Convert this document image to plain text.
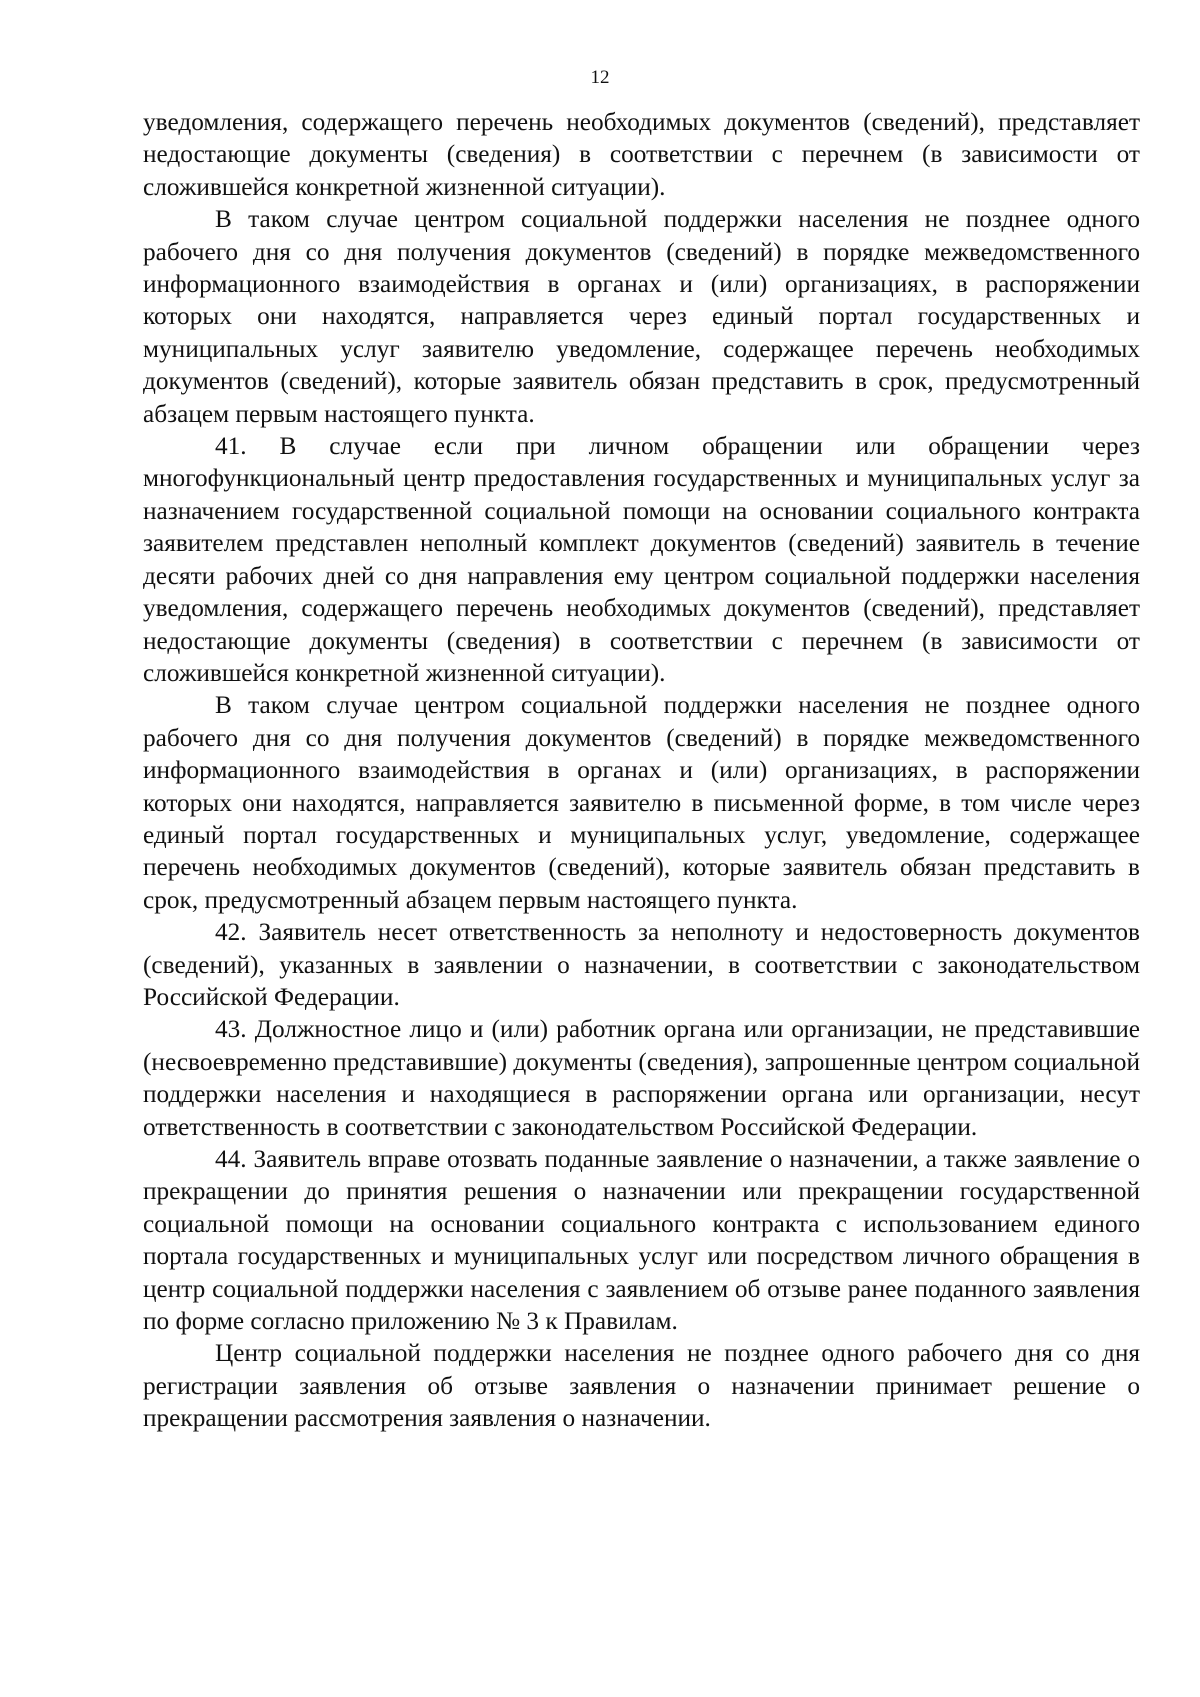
12

уведомления, содержащего перечень необходимых документов (сведений), представляет недостающие документы (сведения) в соответствии с перечнем (в зависимости от сложившейся конкретной жизненной ситуации).

В таком случае центром социальной поддержки населения не позднее одного рабочего дня со дня получения документов (сведений) в порядке межведомственного информационного взаимодействия в органах и (или) организациях, в распоряжении которых они находятся, направляется через единый портал государственных и муниципальных услуг заявителю уведомление, содержащее перечень необходимых документов (сведений), которые заявитель обязан представить в срок, предусмотренный абзацем первым настоящего пункта.

41. В случае если при личном обращении или обращении через многофункциональный центр предоставления государственных и муниципальных услуг за назначением государственной социальной помощи на основании социального контракта заявителем представлен неполный комплект документов (сведений) заявитель в течение десяти рабочих дней со дня направления ему центром социальной поддержки населения уведомления, содержащего перечень необходимых документов (сведений), представляет недостающие документы (сведения) в соответствии с перечнем (в зависимости от сложившейся конкретной жизненной ситуации).

В таком случае центром социальной поддержки населения не позднее одного рабочего дня со дня получения документов (сведений) в порядке межведомственного информационного взаимодействия в органах и (или) организациях, в распоряжении которых они находятся, направляется заявителю в письменной форме, в том числе через единый портал государственных и муниципальных услуг, уведомление, содержащее перечень необходимых документов (сведений), которые заявитель обязан представить в срок, предусмотренный абзацем первым настоящего пункта.

42. Заявитель несет ответственность за неполноту и недостоверность документов (сведений), указанных в заявлении о назначении, в соответствии с законодательством Российской Федерации.

43. Должностное лицо и (или) работник органа или организации, не представившие (несвоевременно представившие) документы (сведения), запрошенные центром социальной поддержки населения и находящиеся в распоряжении органа или организации, несут ответственность в соответствии с законодательством Российской Федерации.

44. Заявитель вправе отозвать поданные заявление о назначении, а также заявление о прекращении до принятия решения о назначении или прекращении государственной социальной помощи на основании социального контракта с использованием единого портала государственных и муниципальных услуг или посредством личного обращения в центр социальной поддержки населения с заявлением об отзыве ранее поданного заявления по форме согласно приложению № 3 к Правилам.

Центр социальной поддержки населения не позднее одного рабочего дня со дня регистрации заявления об отзыве заявления о назначении принимает решение о прекращении рассмотрения заявления о назначении.
